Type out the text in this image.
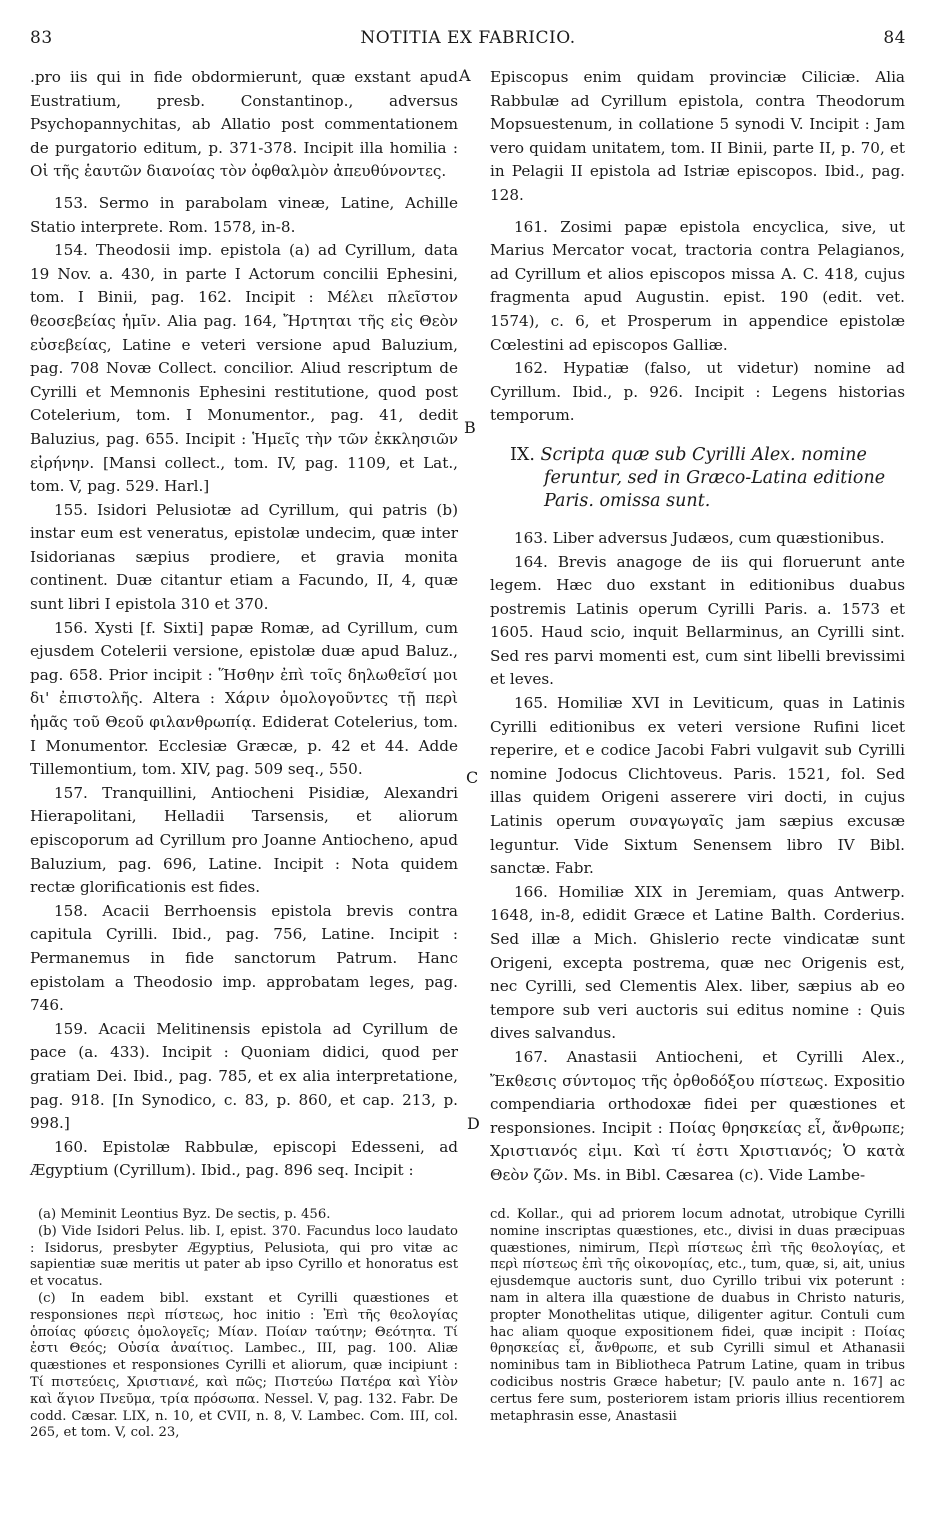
83	NOTITIA EX FABRICIO.	84
A
B
C
D

.pro iis qui in fide obdormierunt, quæ exstant apud Eustratium, presb. Constantinop., adversus Psychopannychitas, ab Allatio post commentationem de purgatorio editum, p. 371-378. Incipit illa homilia : Οἱ τῆς ἑαυτῶν διανοίας τὸν ὀφθαλμὸν ἀπευθύνοντες.

153. Sermo in parabolam vineæ, Latine, Achille Statio interprete. Rom. 1578, in-8.

154. Theodosii imp. epistola (a) ad Cyrillum, data 19 Nov. a. 430, in parte I Actorum concilii Ephesini, tom. I Binii, pag. 162. Incipit : Μέλει πλεῖστον θεοσεβείας ἡμῖν. Alia pag. 164, Ἤρτηται τῆς εἰς Θεὸν εὐσεβείας, Latine e veteri versione apud Baluzium, pag. 708 Novæ Collect. concilior. Aliud rescriptum de Cyrilli et Memnonis Ephesini restitutione, quod post Cotelerium, tom. I Monumentor., pag. 41, dedit Baluzius, pag. 655. Incipit : Ἡμεῖς τὴν τῶν ἐκκλησιῶν εἰρήνην. [Mansi collect., tom. IV, pag. 1109, et Lat., tom. V, pag. 529. Harl.]

155. Isidori Pelusiotæ ad Cyrillum, qui patris (b) instar eum est veneratus, epistolæ undecim, quæ inter Isidorianas sæpius prodiere, et gravia monita continent. Duæ citantur etiam a Facundo, II, 4, quæ sunt libri I epistola 310 et 370.

156. Xysti [f. Sixti] papæ Romæ, ad Cyrillum, cum ejusdem Cotelerii versione, epistolæ duæ apud Baluz., pag. 658. Prior incipit : Ἥσθην ἐπὶ τοῖς δηλωθεῖσί μοι δι' ἐπιστολῆς. Altera : Χάριν ὁμολογοῦντες τῇ περὶ ἡμᾶς τοῦ Θεοῦ φιλανθρωπίᾳ. Ediderat Cotelerius, tom. I Monumentor. Ecclesiæ Græcæ, p. 42 et 44. Adde Tillemontium, tom. XIV, pag. 509 seq., 550.

157. Tranquillini, Antiocheni Pisidiæ, Alexandri Hierapolitani, Helladii Tarsensis, et aliorum episcoporum ad Cyrillum pro Joanne Antiocheno, apud Baluzium, pag. 696, Latine. Incipit : Nota quidem rectæ glorificationis est fides.

158. Acacii Berrhoensis epistola brevis contra capitula Cyrilli. Ibid., pag. 756, Latine. Incipit : Permanemus in fide sanctorum Patrum. Hanc epistolam a Theodosio imp. approbatam leges, pag. 746.

159. Acacii Melitinensis epistola ad Cyrillum de pace (a. 433). Incipit : Quoniam didici, quod per gratiam Dei. Ibid., pag. 785, et ex alia interpretatione, pag. 918. [In Synodico, c. 83, p. 860, et cap. 213, p. 998.]

160. Epistolæ Rabbulæ, episcopi Edesseni, ad Ægyptium (Cyrillum). Ibid., pag. 896 seq. Incipit :

(a) Meminit Leontius Byz. De sectis, p. 456.

(b) Vide Isidori Pelus. lib. I, epist. 370. Facundus loco laudato : Isidorus, presbyter Ægyptius, Pelusiota, qui pro vitæ ac sapientiæ suæ meritis ut pater ab ipso Cyrillo et honoratus est et vocatus.

(c) In eadem bibl. exstant et Cyrilli quæstiones et responsiones περὶ πίστεως, hoc initio : Ἐπὶ τῆς θεολογίας ὁποίας φύσεις ὁμολογεῖς; Μίαν. Ποίαν ταύτην; Θεότητα. Τί ἐστι Θεός; Οὐσία ἀναίτιος. Lambec., III, pag. 100. Aliæ quæstiones et responsiones Cyrilli et aliorum, quæ incipiunt : Τί πιστεύεις, Χριστιανέ, καὶ πῶς; Πιστεύω Πατέρα καὶ Υἱὸν καὶ ἅγιον Πνεῦμα, τρία πρόσωπα. Nessel. V, pag. 132. Fabr. De codd. Cæsar. LIX, n. 10, et CVII, n. 8, V. Lambec. Com. III, col. 265, et tom. V, col. 23,

Episcopus enim quidam provinciæ Ciliciæ. Alia Rabbulæ ad Cyrillum epistola, contra Theodorum Mopsuestenum, in collatione 5 synodi V. Incipit : Jam vero quidam unitatem, tom. II Binii, parte II, p. 70, et in Pelagii II epistola ad Istriæ episcopos. Ibid., pag. 128.

161. Zosimi papæ epistola encyclica, sive, ut Marius Mercator vocat, tractoria contra Pelagianos, ad Cyrillum et alios episcopos missa A. C. 418, cujus fragmenta apud Augustin. epist. 190 (edit. vet. 1574), c. 6, et Prosperum in appendice epistolæ Cœlestini ad episcopos Galliæ.

162. Hypatiæ (falso, ut videtur) nomine ad Cyrillum. Ibid., p. 926. Incipit : Legens historias temporum.

IX. Scripta quæ sub Cyrilli Alex. nomine feruntur, sed in Græco-Latina editione Paris. omissa sunt.

163. Liber adversus Judæos, cum quæstionibus.

164. Brevis anagoge de iis qui floruerunt ante legem. Hæc duo exstant in editionibus duabus postremis Latinis operum Cyrilli Paris. a. 1573 et 1605. Haud scio, inquit Bellarminus, an Cyrilli sint. Sed res parvi momenti est, cum sint libelli brevissimi et leves.

165. Homiliæ XVI in Leviticum, quas in Latinis Cyrilli editionibus ex veteri versione Rufini licet reperire, et e codice Jacobi Fabri vulgavit sub Cyrilli nomine Jodocus Clichtoveus. Paris. 1521, fol. Sed illas quidem Origeni asserere viri docti, in cujus Latinis operum συναγωγαῖς jam sæpius excusæ leguntur. Vide Sixtum Senensem libro IV Bibl. sanctæ. Fabr.

166. Homiliæ XIX in Jeremiam, quas Antwerp. 1648, in-8, edidit Græce et Latine Balth. Corderius. Sed illæ a Mich. Ghislerio recte vindicatæ sunt Origeni, excepta postrema, quæ nec Origenis est, nec Cyrilli, sed Clementis Alex. liber, sæpius ab eo tempore sub veri auctoris sui editus nomine : Quis dives salvandus.

167. Anastasii Antiocheni, et Cyrilli Alex., Ἔκθεσις σύντομος τῆς ὀρθοδόξου πίστεως. Expositio compendiaria orthodoxæ fidei per quæstiones et responsiones. Incipit : Ποίας θρησκείας εἶ, ἄνθρωπε; Χριστιανός εἰμι. Καὶ τί ἐστι Χριστιανός; Ὁ κατὰ Θεὸν ζῶν. Ms. in Bibl. Cæsarea (c). Vide Lambe-

cd. Kollar., qui ad priorem locum adnotat, utrobique Cyrilli nomine inscriptas quæstiones, etc., divisi in duas præcipuas quæstiones, nimirum, Περὶ πίστεως ἐπὶ τῆς θεολογίας, et περὶ πίστεως ἐπὶ τῆς οἰκονομίας, etc., tum, quæ, si, ait, unius ejusdemque auctoris sunt, duo Cyrillo tribui vix poterunt : nam in altera illa quæstione de duabus in Christo naturis, propter Monothelitas utique, diligenter agitur. Contuli cum hac aliam quoque expositionem fidei, quæ incipit : Ποίας θρησκείας εἶ, ἄνθρωπε, et sub Cyrilli simul et Athanasii nominibus tam in Bibliotheca Patrum Latine, quam in tribus codicibus nostris Græce habetur; [V. paulo ante n. 167] ac certus fere sum, posteriorem istam prioris illius recentiorem metaphrasin esse, Anastasii
